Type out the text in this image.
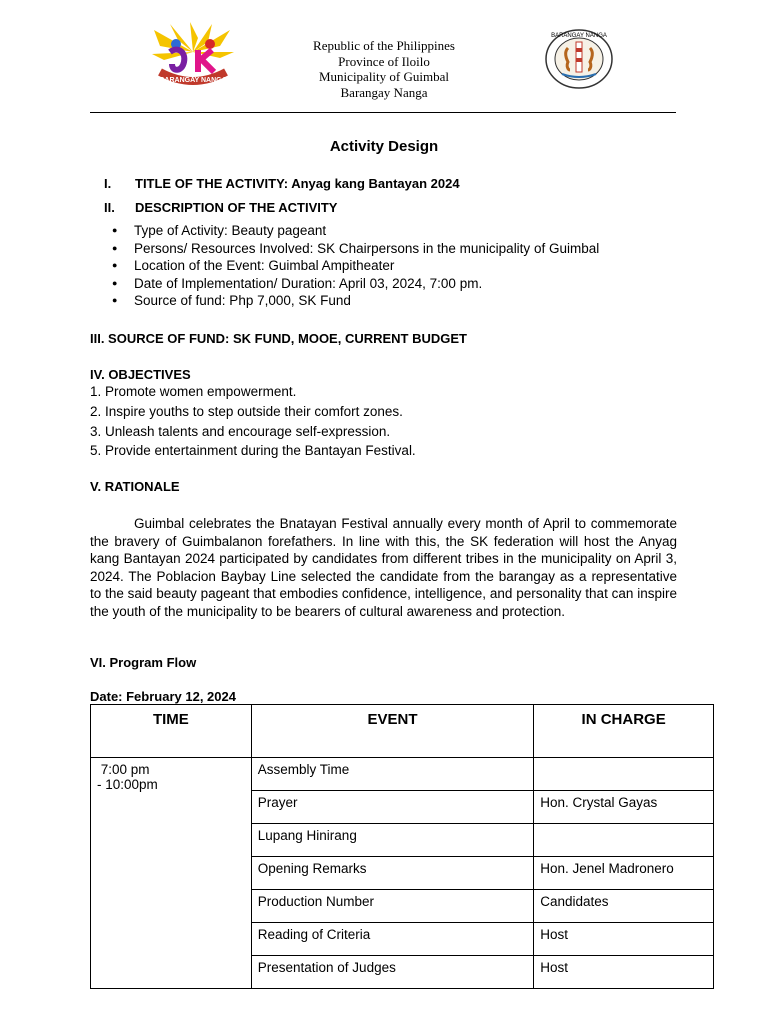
BARANGAY NANGA
Republic of the Philippines
Province of Iloilo
Municipality of Guimbal
Barangay Nanga
BARANGAY NANGA
Activity Design
I. TITLE OF THE ACTIVITY: Anyag kang Bantayan 2024
II. DESCRIPTION OF THE ACTIVITY
● Type of Activity: Beauty pageant
● Persons/ Resources Involved: SK Chairpersons in the municipality of Guimbal
● Location of the Event: Guimbal Ampitheater
● Date of Implementation/ Duration: April 03, 2024, 7:00 pm.
● Source of fund: Php 7,000, SK Fund
III. SOURCE OF FUND: SK FUND, MOOE, CURRENT BUDGET
IV. OBJECTIVES
1. Promote women empowerment.
2. Inspire youths to step outside their comfort zones.
3. Unleash talents and encourage self-expression.
5. Provide entertainment during the Bantayan Festival.
V. RATIONALE
Guimbal celebrates the Bnatayan Festival annually every month of April to commemorate the bravery of Guimbalanon forefathers. In line with this, the SK federation will host the Anyag kang Bantayan 2024 participated by candidates from different tribes in the municipality on April 3, 2024. The Poblacion Baybay Line selected the candidate from the barangay as a representative to the said beauty pageant that embodies confidence, intelligence, and personality that can inspire the youth of the municipality to be bearers of cultural awareness and protection.
VI. Program Flow
Date: February 12, 2024
TIME	EVENT	IN CHARGE

7:00 pm
- 10:00pm	Assembly Time	
	Prayer	Hon. Crystal Gayas
	Lupang Hinirang	
	Opening Remarks	Hon. Jenel Madronero
	Production Number	Candidates
	Reading of Criteria	Host
	Presentation of Judges	Host
